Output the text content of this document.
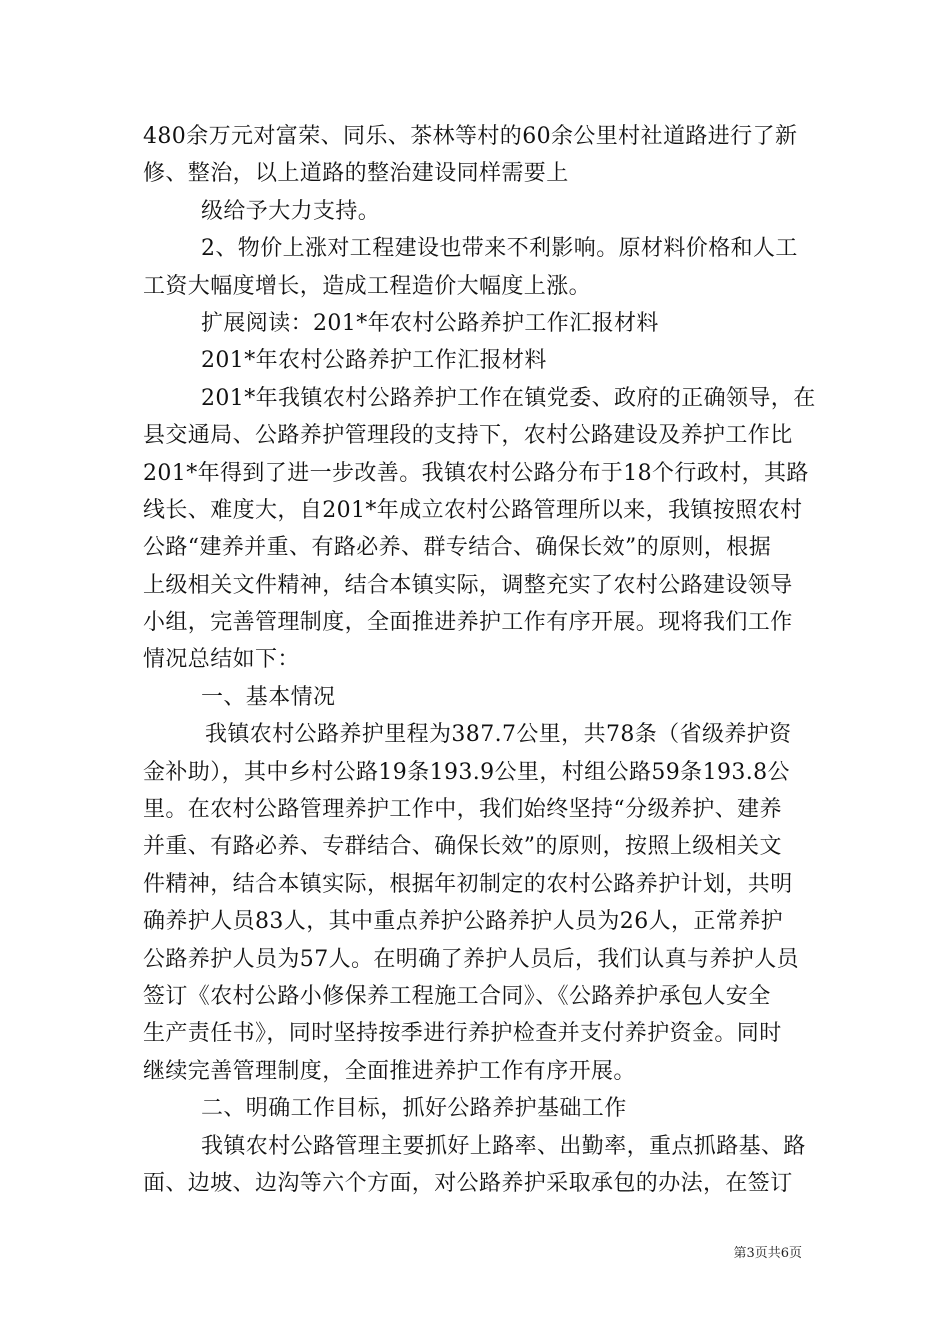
480余万元对富荣、同乐、茶林等村的60余公里村社道路进行了新
修、整治，以上道路的整治建设同样需要上
级给予大力支持。
2、物价上涨对工程建设也带来不利影响。原材料价格和人工
工资大幅度增长，造成工程造价大幅度上涨。
扩展阅读：201*年农村公路养护工作汇报材料
201*年农村公路养护工作汇报材料
201*年我镇农村公路养护工作在镇党委、政府的正确领导，在
县交通局、公路养护管理段的支持下，农村公路建设及养护工作比
201*年得到了进一步改善。我镇农村公路分布于18个行政村，其路
线长、难度大，自201*年成立农村公路管理所以来，我镇按照农村
公路“建养并重、有路必养、群专结合、确保长效”的原则，根据
上级相关文件精神，结合本镇实际，调整充实了农村公路建设领导
小组，完善管理制度，全面推进养护工作有序开展。现将我们工作
情况总结如下：
一、基本情况
我镇农村公路养护里程为387.7公里，共78条（省级养护资
金补助），其中乡村公路19条193.9公里，村组公路59条193.8公
里。在农村公路管理养护工作中，我们始终坚持“分级养护、建养
并重、有路必养、专群结合、确保长效”的原则，按照上级相关文
件精神，结合本镇实际，根据年初制定的农村公路养护计划，共明
确养护人员83人，其中重点养护公路养护人员为26人，正常养护
公路养护人员为57人。在明确了养护人员后，我们认真与养护人员
签订《农村公路小修保养工程施工合同》、《公路养护承包人安全
生产责任书》，同时坚持按季进行养护检查并支付养护资金。同时
继续完善管理制度，全面推进养护工作有序开展。
二、明确工作目标，抓好公路养护基础工作
我镇农村公路管理主要抓好上路率、出勤率，重点抓路基、路
面、边坡、边沟等六个方面，对公路养护采取承包的办法，在签订
第3页共6页
